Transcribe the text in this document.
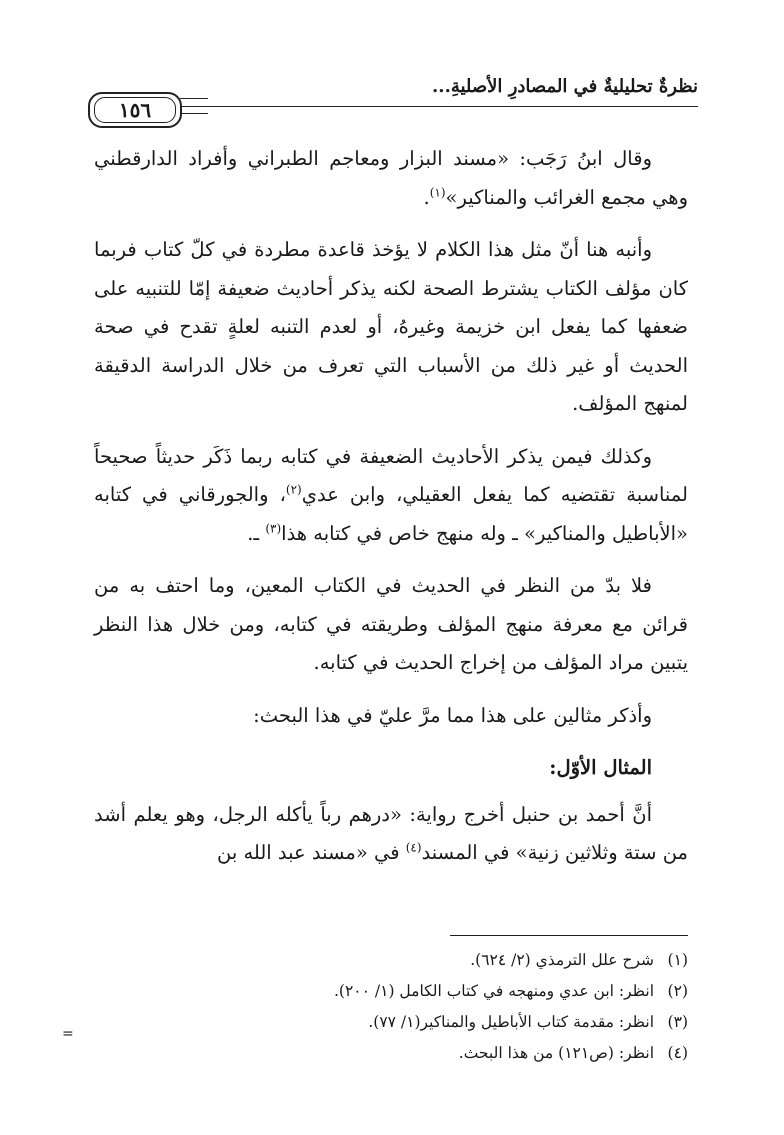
نظرةٌ تحليليةٌ في المصادرِ الأصليةِ...
١٥٦

وقال ابنُ رَجَب: «مسند البزار ومعاجم الطبراني وأفراد الدارقطني وهي مجمع الغرائب والمناكير»$^{(١)}$.

وأنبه هنا أنّ مثل هذا الكلام لا يؤخذ قاعدة مطردة في كلّ كتاب فربما كان مؤلف الكتاب يشترط الصحة لكنه يذكر أحاديث ضعيفة إمّا للتنبيه على ضعفها كما يفعل ابن خزيمة وغيرهُ، أو لعدم التنبه لعلةٍ تقدح في صحة الحديث أو غير ذلك من الأسباب التي تعرف من خلال الدراسة الدقيقة لمنهج المؤلف.

وكذلك فيمن يذكر الأحاديث الضعيفة في كتابه ربما ذَكَر حديثاً صحيحاً لمناسبة تقتضيه كما يفعل العقيلي، وابن عدي$^{(٢)}$، والجورقاني في كتابه «الأباطيل والمناكير» ـ وله منهج خاص في كتابه هذا$^{(٣)}$ ـ.

فلا بدّ من النظر في الحديث في الكتاب المعين، وما احتف به من قرائن مع معرفة منهج المؤلف وطريقته في كتابه، ومن خلال هذا النظر يتبين مراد المؤلف من إخراج الحديث في كتابه.

وأذكر مثالين على هذا مما مرَّ عليّ في هذا البحث:

المثال الأوّل:

أنَّ أحمد بن حنبل أخرج رواية: «درهم رباً يأكله الرجل، وهو يعلم أشد من ستة وثلاثين زنية» في المسند$^{(٤)}$ في «مسند عبد الله بن

(١)شرح علل الترمذي (٢/ ٦٢٤).
(٢)انظر: ابن عدي ومنهجه في كتاب الكامل (١/ ٢٠٠).
(٣)انظر: مقدمة كتاب الأباطيل والمناكير(١/ ٧٧).
(٤)انظر: (ص١٢١) من هذا البحث.
=
